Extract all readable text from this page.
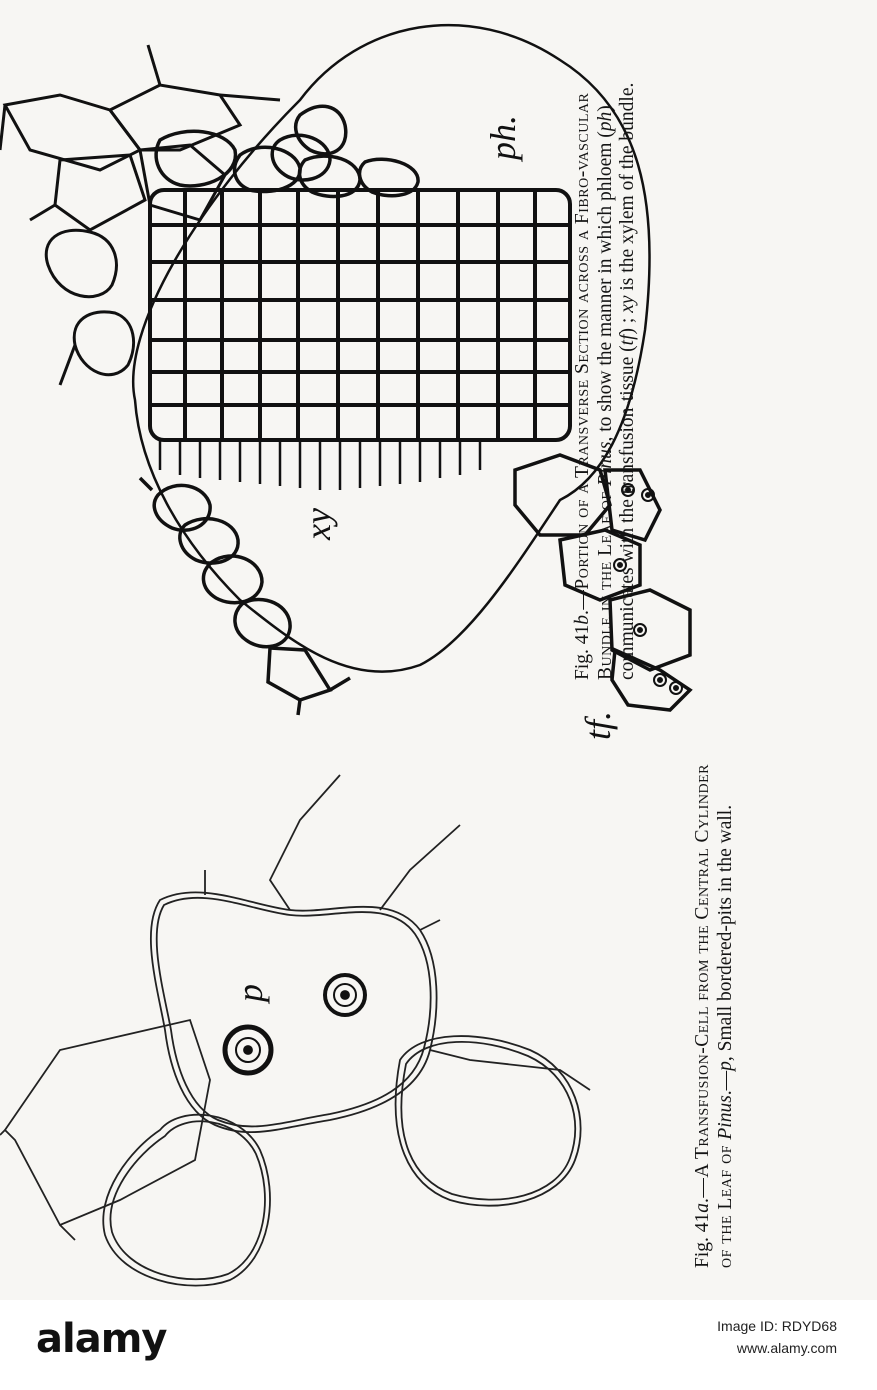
ph.
xy
tf.
p
Fig. 41b.—Portion of a Transverse Section across a Fibro-vascular Bundle in the Leaf of Pinus, to show the manner in which phloem (ph) communicates with the transfusion-tissue (tf) ; xy is the xylem of the bundle.
Fig. 41a.—A Transfusion-Cell from the Central Cylinder of the Leaf of Pinus.—p, Small bordered-pits in the wall.
alamy	Image ID: RDYD68
www.alamy.com
